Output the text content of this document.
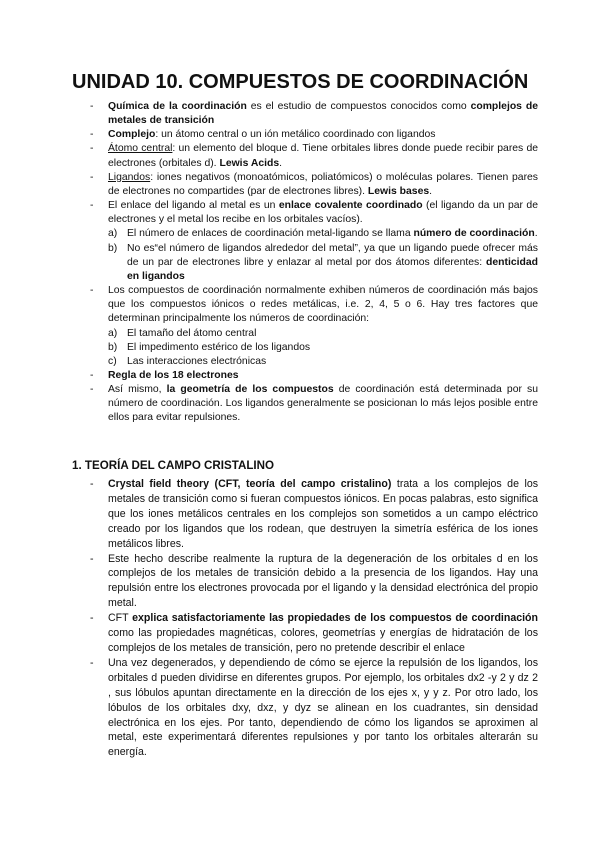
UNIDAD 10. COMPUESTOS DE COORDINACIÓN
- Química de la coordinación es el estudio de compuestos conocidos como complejos de metales de transición
- Complejo: un átomo central o un ión metálico coordinado con ligandos
- Átomo central: un elemento del bloque d. Tiene orbitales libres donde puede recibir pares de electrones (orbitales d). Lewis Acids.
- Ligandos: iones negativos (monoatómicos, poliatómicos) o moléculas polares. Tienen pares de electrones no compartides (par de electrones libres). Lewis bases.
- El enlace del ligando al metal es un enlace covalente coordinado (el ligando da un par de electrones y el metal los recibe en los orbitales vacíos).
a) El número de enlaces de coordinación metal-ligando se llama número de coordinación.
b) No es“el número de ligandos alrededor del metal”, ya que un ligando puede ofrecer más de un par de electrones libre y enlazar al metal por dos átomos diferentes: denticidad en ligandos
- Los compuestos de coordinación normalmente exhiben números de coordinación más bajos que los compuestos iónicos o redes metálicas, i.e. 2, 4, 5 o 6. Hay tres factores que determinan principalmente los números de coordinación:
a) El tamaño del átomo central
b) El impedimento estérico de los ligandos
c) Las interacciones electrónicas
- Regla de los 18 electrones
- Así mismo, la geometría de los compuestos de coordinación está determinada por su número de coordinación. Los ligandos generalmente se posicionan lo más lejos posible entre ellos para evitar repulsiones.
1. TEORÍA DEL CAMPO CRISTALINO
- Crystal field theory (CFT, teoría del campo cristalino) trata a los complejos de los metales de transición como si fueran compuestos iónicos. En pocas palabras, esto significa que los iones metálicos centrales en los complejos son sometidos a un campo eléctrico creado por los ligandos que los rodean, que destruyen la simetría esférica de los iones metálicos libres.
- Este hecho describe realmente la ruptura de la degeneración de los orbitales d en los complejos de los metales de transición debido a la presencia de los ligandos. Hay una repulsión entre los electrones provocada por el ligando y la densidad electrónica del propio metal.
- CFT explica satisfactoriamente las propiedades de los compuestos de coordinación como las propiedades magnéticas, colores, geometrías y energías de hidratación de los complejos de los metales de transición, pero no pretende describir el enlace
- Una vez degenerados, y dependiendo de cómo se ejerce la repulsión de los ligandos, los orbitales d pueden dividirse en diferentes grupos. Por ejemplo, los orbitales dx2 -y 2 y dz 2 , sus lóbulos apuntan directamente en la dirección de los ejes x, y y z. Por otro lado, los lóbulos de los orbitales dxy, dxz, y dyz se alinean en los cuadrantes, sin densidad electrónica en los ejes. Por tanto, dependiendo de cómo los ligandos se aproximen al metal, este experimentará diferentes repulsiones y por tanto los orbitales alterarán su energía.
